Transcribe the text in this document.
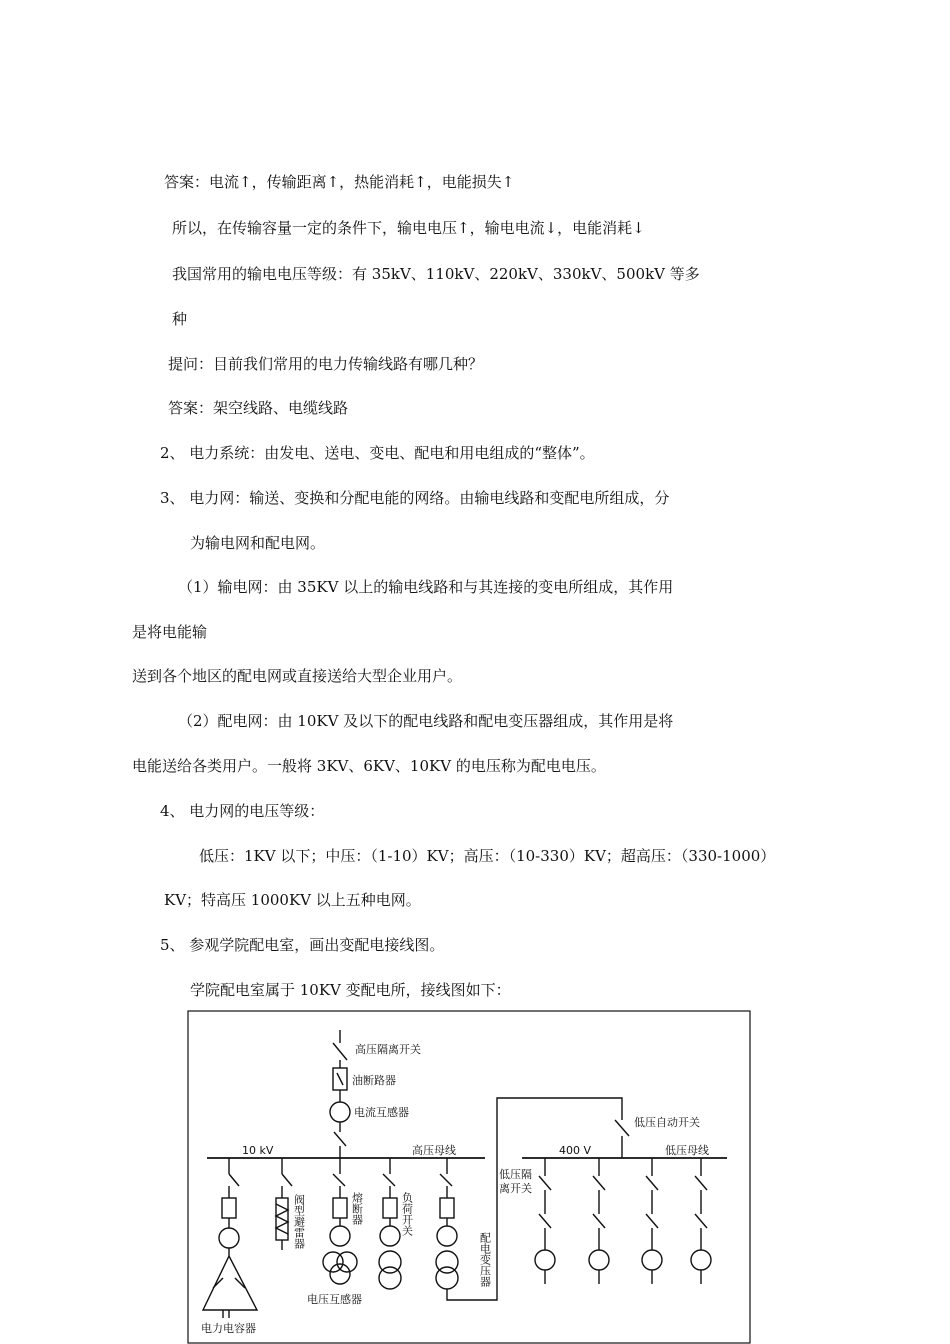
答案：电流↑，传输距离↑，热能消耗↑，电能损失↑
所以，在传输容量一定的条件下，输电电压↑，输电电流↓，电能消耗↓
我国常用的输电电压等级：有 35kV、110kV、220kV、330kV、500kV 等多
种
提问：目前我们常用的电力传输线路有哪几种？
答案：架空线路、电缆线路
2、 电力系统：由发电、送电、变电、配电和用电组成的“整体”。
3、 电力网：输送、变换和分配电能的网络。由输电线路和变配电所组成，分
为输电网和配电网。
（1）输电网：由 35KV 以上的输电线路和与其连接的变电所组成，其作用
是将电能输
送到各个地区的配电网或直接送给大型企业用户。
（2）配电网：由 10KV 及以下的配电线路和配电变压器组成，其作用是将
电能送给各类用户。一般将 3KV、6KV、10KV 的电压称为配电电压。
4、 电力网的电压等级：
低压：1KV 以下；中压：（1-10）KV；高压：（10-330）KV；超高压：（330-1000）
KV；特高压 1000KV 以上五种电网。
5、 参观学院配电室，画出变配电接线图。
学院配电室属于 10KV 变配电所，接线图如下：
高压隔离开关
油断路器
电流互感器
10 kV	高压母线
低压自动开关
400 V	低压母线
低压隔
离开关
阀型避雷器	熔断器	负荷开关
配电变压器
电压互感器
电力电容器
